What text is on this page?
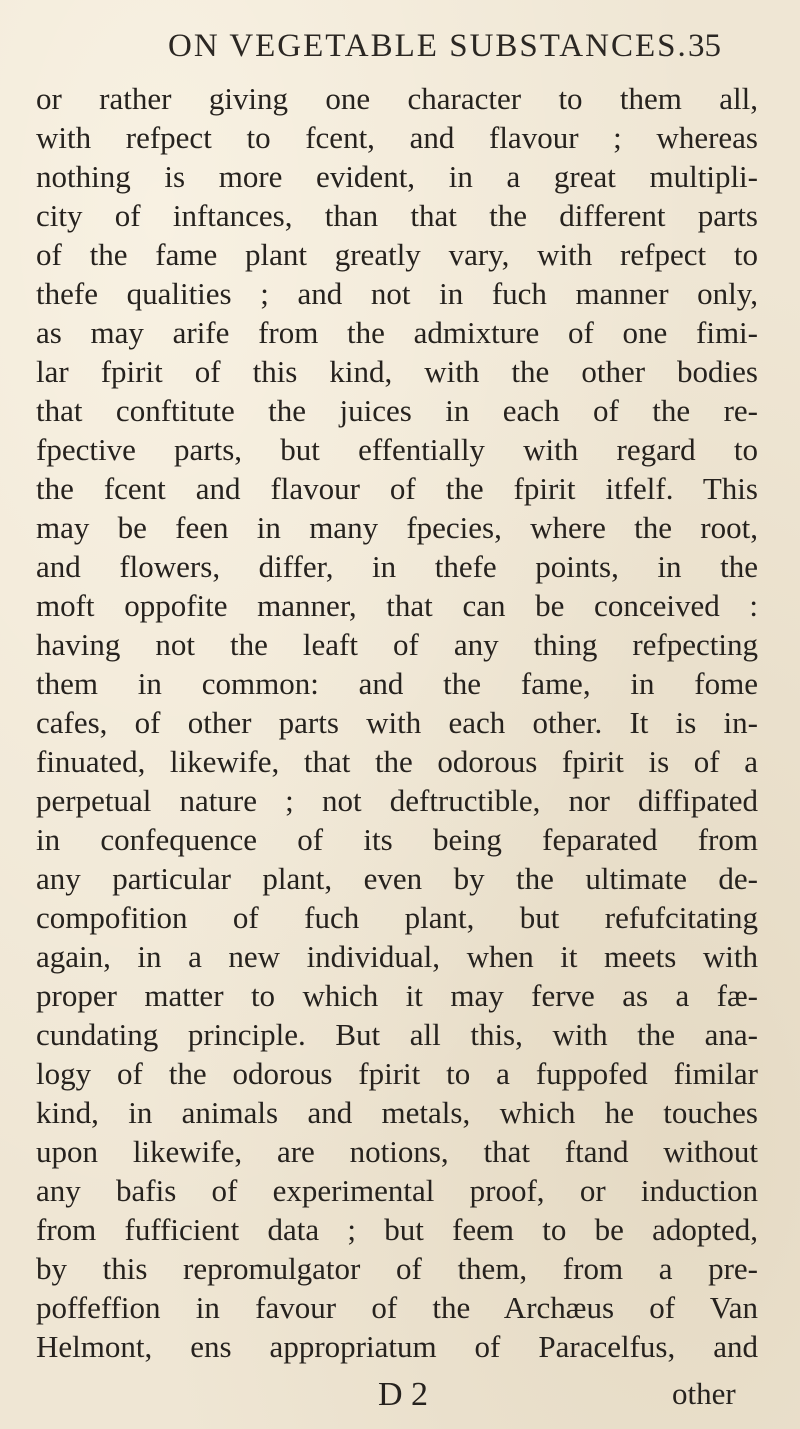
ON VEGETABLE SUBSTANCES. 35
or rather giving one character to them all,
with refpect to fcent, and flavour ; whereas
nothing is more evident, in a great multipli-
city of inftances, than that the different parts
of the fame plant greatly vary, with refpect to
thefe qualities ; and not in fuch manner only,
as may arife from the admixture of one fimi-
lar fpirit of this kind, with the other bodies
that conftitute the juices in each of the re-
fpective parts, but effentially with regard to
the fcent and flavour of the fpirit itfelf. This
may be feen in many fpecies, where the root,
and flowers, differ, in thefe points, in the
moft oppofite manner, that can be conceived :
having not the leaft of any thing refpecting
them in common: and the fame, in fome
cafes, of other parts with each other. It is in-
finuated, likewife, that the odorous fpirit is of a
perpetual nature ; not deftructible, nor diffipated
in confequence of its being feparated from
any particular plant, even by the ultimate de-
compofition of fuch plant, but refufcitating
again, in a new individual, when it meets with
proper matter to which it may ferve as a fæ-
cundating principle. But all this, with the ana-
logy of the odorous fpirit to a fuppofed fimilar
kind, in animals and metals, which he touches
upon likewife, are notions, that ftand without
any bafis of experimental proof, or induction
from fufficient data ; but feem to be adopted,
by this repromulgator of them, from a pre-
poffeffion in favour of the Archæus of Van
Helmont, ens appropriatum of Paracelfus, and
D 2	other
